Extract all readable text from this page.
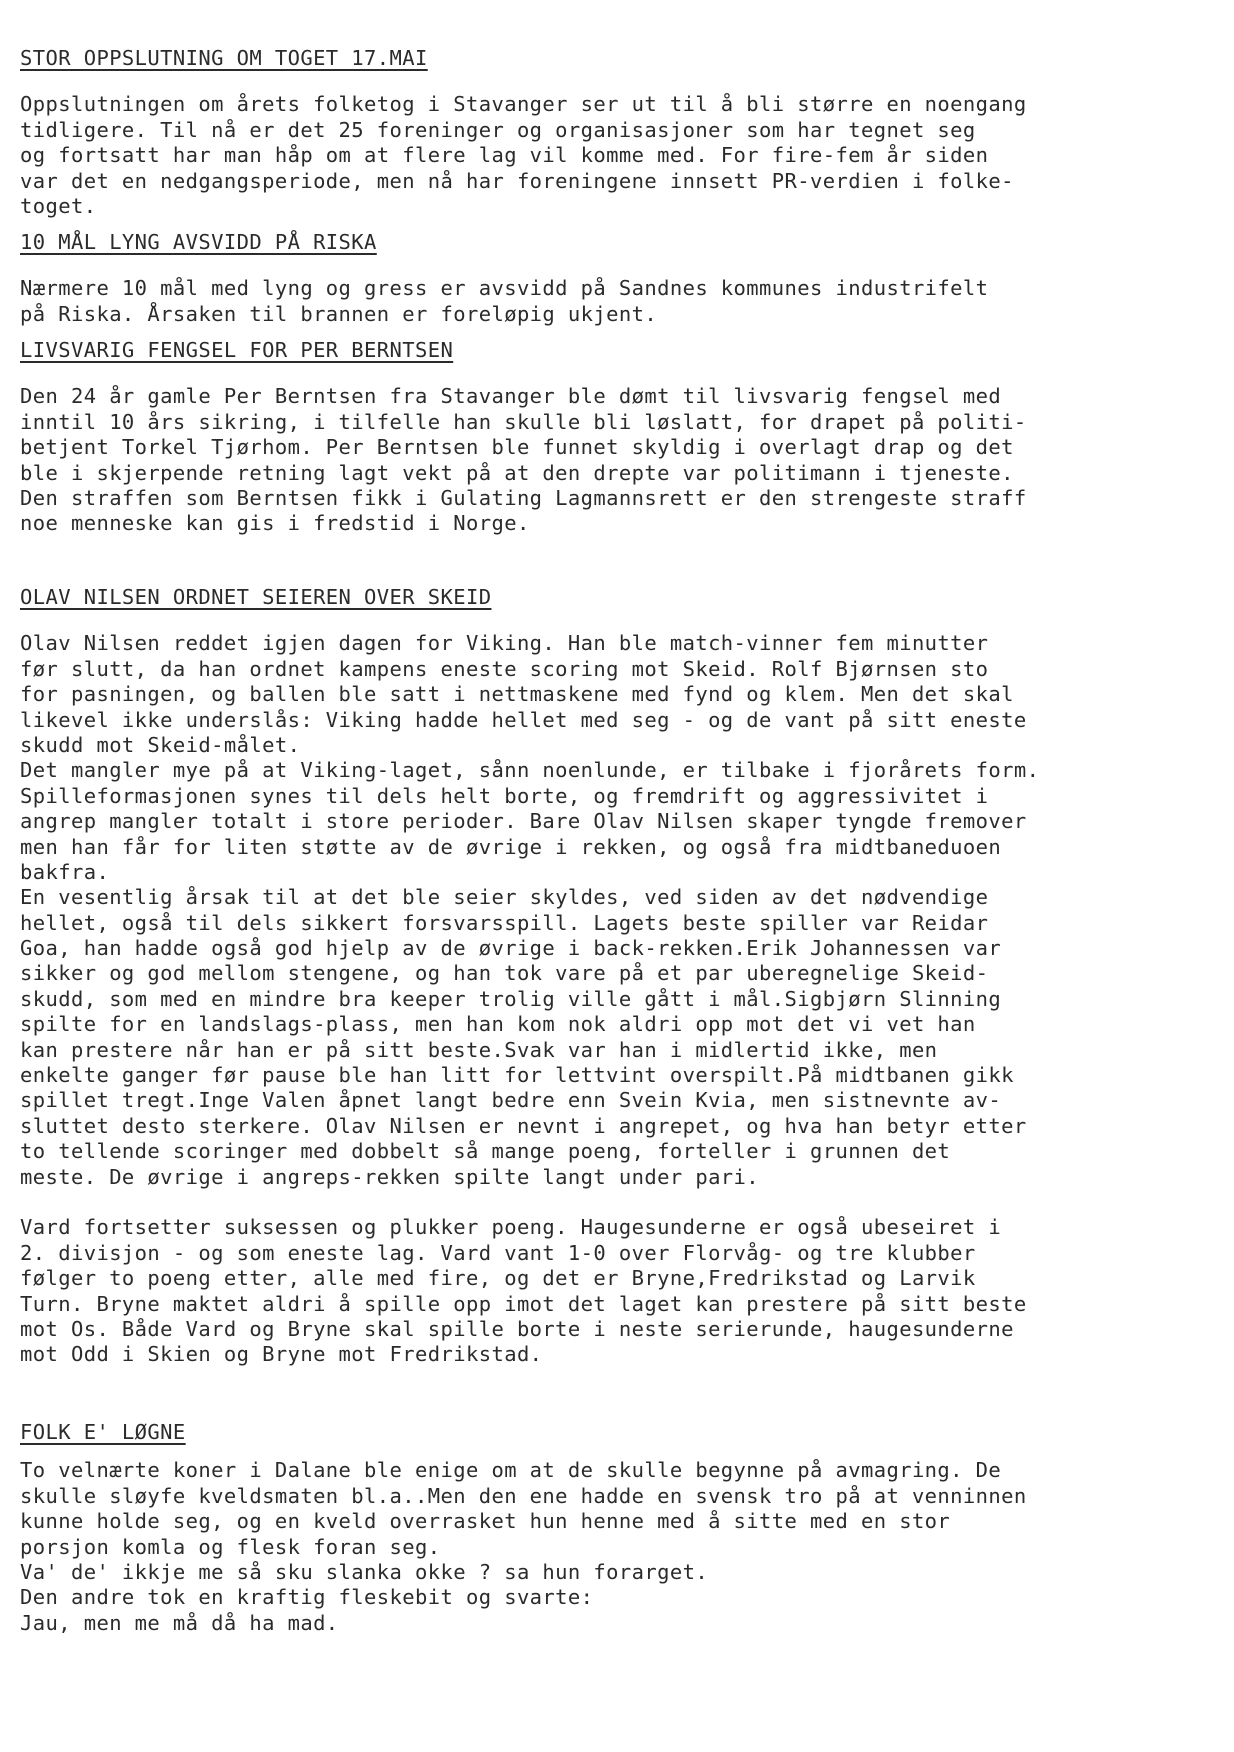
STOR OPPSLUTNING OM TOGET 17.MAI
Oppslutningen om årets folketog i Stavanger ser ut til å bli større en noengang
tidligere. Til nå er det 25 foreninger og organisasjoner som har tegnet seg
og fortsatt har man håp om at flere lag vil komme med. For fire-fem år siden
var det en nedgangsperiode, men nå har foreningene innsett PR-verdien i folke-
toget.
10 MÅL LYNG AVSVIDD PÅ RISKA
Nærmere 10 mål med lyng og gress er avsvidd på Sandnes kommunes industrifelt
på Riska. Årsaken til brannen er foreløpig ukjent.
LIVSVARIG FENGSEL FOR PER BERNTSEN
Den 24 år gamle Per Berntsen fra Stavanger ble dømt til livsvarig fengsel med
inntil 10 års sikring, i tilfelle han skulle bli løslatt, for drapet på politi-
betjent Torkel Tjørhom. Per Berntsen ble funnet skyldig i overlagt drap og det
ble i skjerpende retning lagt vekt på at den drepte var politimann i tjeneste.
Den straffen som Berntsen fikk i Gulating Lagmannsrett er den strengeste straff
noe menneske kan gis i fredstid i Norge.
OLAV NILSEN ORDNET SEIEREN OVER SKEID
Olav Nilsen reddet igjen dagen for Viking. Han ble match-vinner fem minutter
før slutt, da han ordnet kampens eneste scoring mot Skeid. Rolf Bjørnsen sto
for pasningen, og ballen ble satt i nettmaskene med fynd og klem. Men det skal
likevel ikke underslås: Viking hadde hellet med seg - og de vant på sitt eneste
skudd mot Skeid-målet.
Det mangler mye på at Viking-laget, sånn noenlunde, er tilbake i fjorårets form.
Spilleformasjonen synes til dels helt borte, og fremdrift og aggressivitet i
angrep mangler totalt i store perioder. Bare Olav Nilsen skaper tyngde fremover
men han får for liten støtte av de øvrige i rekken, og også fra midtbaneduoen
bakfra.
En vesentlig årsak til at det ble seier skyldes, ved siden av det nødvendige
hellet, også til dels sikkert forsvarsspill. Lagets beste spiller var Reidar
Goa, han hadde også god hjelp av de øvrige i back-rekken.Erik Johannessen var
sikker og god mellom stengene, og han tok vare på et par uberegnelige Skeid-
skudd, som med en mindre bra keeper trolig ville gått i mål.Sigbjørn Slinning
spilte for en landslags-plass, men han kom nok aldri opp mot det vi vet han
kan prestere når han er på sitt beste.Svak var han i midlertid ikke, men
enkelte ganger før pause ble han litt for lettvint overspilt.På midtbanen gikk
spillet tregt.Inge Valen åpnet langt bedre enn Svein Kvia, men sistnevnte av-
sluttet desto sterkere. Olav Nilsen er nevnt i angrepet, og hva han betyr etter
to tellende scoringer med dobbelt så mange poeng, forteller i grunnen det
meste. De øvrige i angreps-rekken spilte langt under pari.
Vard fortsetter suksessen og plukker poeng. Haugesunderne er også ubeseiret i
2. divisjon - og som eneste lag. Vard vant 1-0 over Florvåg- og tre klubber
følger to poeng etter, alle med fire, og det er Bryne,Fredrikstad og Larvik
Turn. Bryne maktet aldri å spille opp imot det laget kan prestere på sitt beste
mot Os. Både Vard og Bryne skal spille borte i neste serierunde, haugesunderne
mot Odd i Skien og Bryne mot Fredrikstad.
FOLK E' LØGNE
To velnærte koner i Dalane ble enige om at de skulle begynne på avmagring. De
skulle sløyfe kveldsmaten bl.a..Men den ene hadde en svensk tro på at venninnen
kunne holde seg, og en kveld overrasket hun henne med å sitte med en stor
porsjon komla og flesk foran seg.
Va' de' ikkje me så sku slanka okke ? sa hun forarget.
Den andre tok en kraftig fleskebit og svarte:
Jau, men me må då ha mad.
